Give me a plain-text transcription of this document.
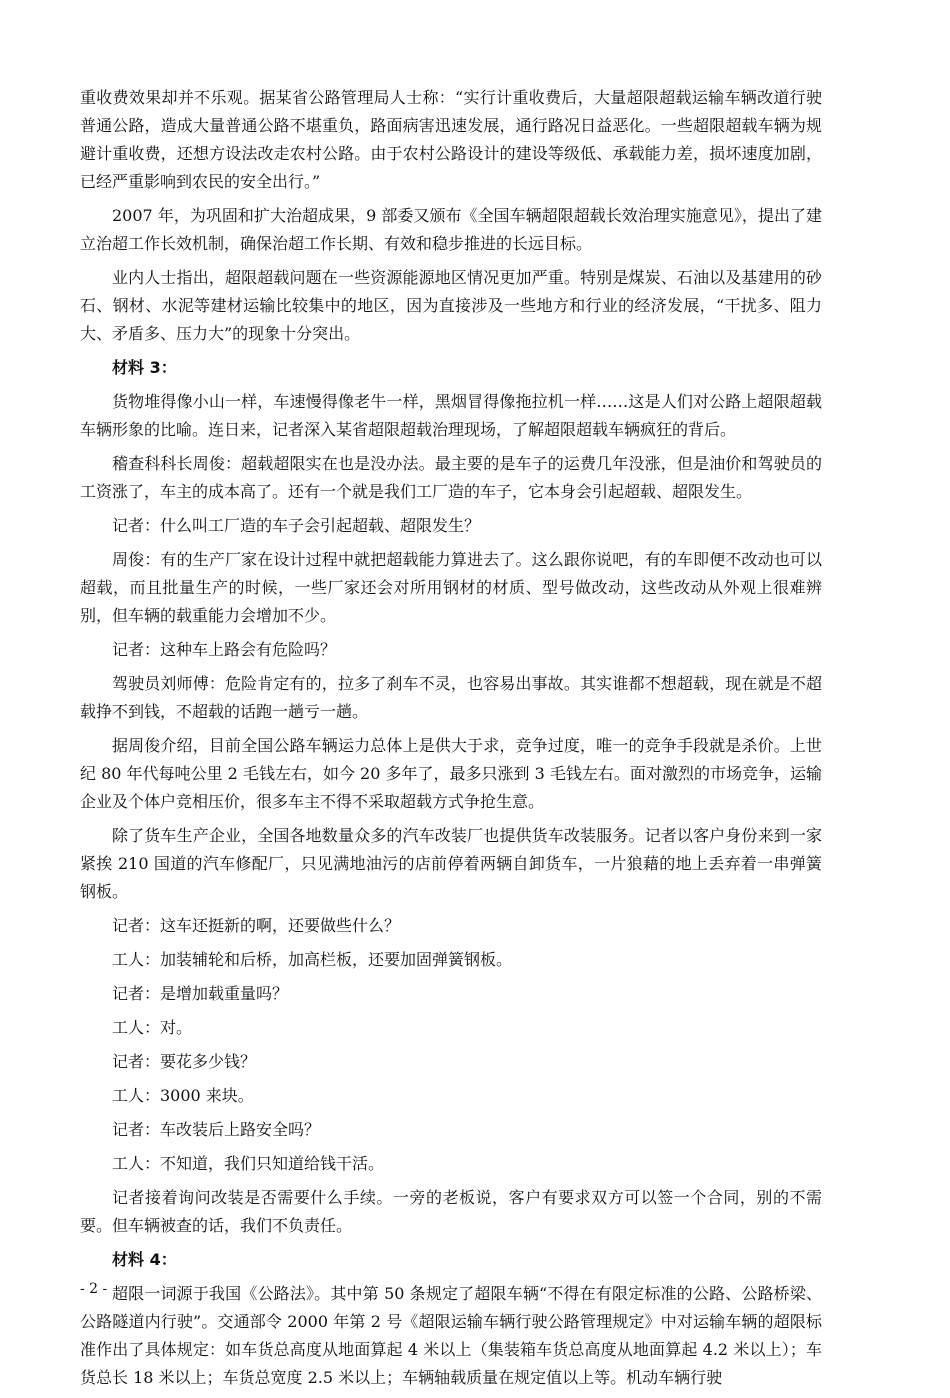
重收费效果却并不乐观。据某省公路管理局人士称：“实行计重收费后，大量超限超载运输车辆改道行驶普通公路，造成大量普通公路不堪重负，路面病害迅速发展，通行路况日益恶化。一些超限超载车辆为规避计重收费，还想方设法改走农村公路。由于农村公路设计的建设等级低、承载能力差，损坏速度加剧，已经严重影响到农民的安全出行。”

2007 年，为巩固和扩大治超成果，9 部委又颁布《全国车辆超限超载长效治理实施意见》，提出了建立治超工作长效机制，确保治超工作长期、有效和稳步推进的长远目标。

业内人士指出，超限超载问题在一些资源能源地区情况更加严重。特别是煤炭、石油以及基建用的砂石、钢材、水泥等建材运输比较集中的地区，因为直接涉及一些地方和行业的经济发展，“干扰多、阻力大、矛盾多、压力大”的现象十分突出。

材料 3：

货物堆得像小山一样，车速慢得像老牛一样，黑烟冒得像拖拉机一样……这是人们对公路上超限超载车辆形象的比喻。连日来，记者深入某省超限超载治理现场，了解超限超载车辆疯狂的背后。

稽查科科长周俊：超载超限实在也是没办法。最主要的是车子的运费几年没涨，但是油价和驾驶员的工资涨了，车主的成本高了。还有一个就是我们工厂造的车子，它本身会引起超载、超限发生。

记者：什么叫工厂造的车子会引起超载、超限发生？

周俊：有的生产厂家在设计过程中就把超载能力算进去了。这么跟你说吧，有的车即便不改动也可以超载，而且批量生产的时候，一些厂家还会对所用钢材的材质、型号做改动，这些改动从外观上很难辨别，但车辆的载重能力会增加不少。

记者：这种车上路会有危险吗？

驾驶员刘师傅：危险肯定有的，拉多了刹车不灵，也容易出事故。其实谁都不想超载，现在就是不超载挣不到钱，不超载的话跑一趟亏一趟。

据周俊介绍，目前全国公路车辆运力总体上是供大于求，竞争过度，唯一的竞争手段就是杀价。上世纪 80 年代每吨公里 2 毛钱左右，如今 20 多年了，最多只涨到 3 毛钱左右。面对激烈的市场竞争，运输企业及个体户竞相压价，很多车主不得不采取超载方式争抢生意。

除了货车生产企业，全国各地数量众多的汽车改装厂也提供货车改装服务。记者以客户身份来到一家紧挨 210 国道的汽车修配厂，只见满地油污的店前停着两辆自卸货车，一片狼藉的地上丢弃着一串弹簧钢板。

记者：这车还挺新的啊，还要做些什么？

工人：加装辅轮和后桥，加高栏板，还要加固弹簧钢板。

记者：是增加载重量吗？

工人：对。

记者：要花多少钱？

工人：3000 来块。

记者：车改装后上路安全吗？

工人：不知道，我们只知道给钱干活。

记者接着询问改装是否需要什么手续。一旁的老板说，客户有要求双方可以签一个合同，别的不需要。但车辆被查的话，我们不负责任。

材料 4：

超限一词源于我国《公路法》。其中第 50 条规定了超限车辆“不得在有限定标准的公路、公路桥梁、公路隧道内行驶”。交通部令 2000 年第 2 号《超限运输车辆行驶公路管理规定》中对运输车辆的超限标准作出了具体规定：如车货总高度从地面算起 4 米以上（集装箱车货总高度从地面算起 4.2 米以上）；车货总长 18 米以上；车货总宽度 2.5 米以上；车辆轴载质量在规定值以上等。机动车辆行驶

- 2 -
